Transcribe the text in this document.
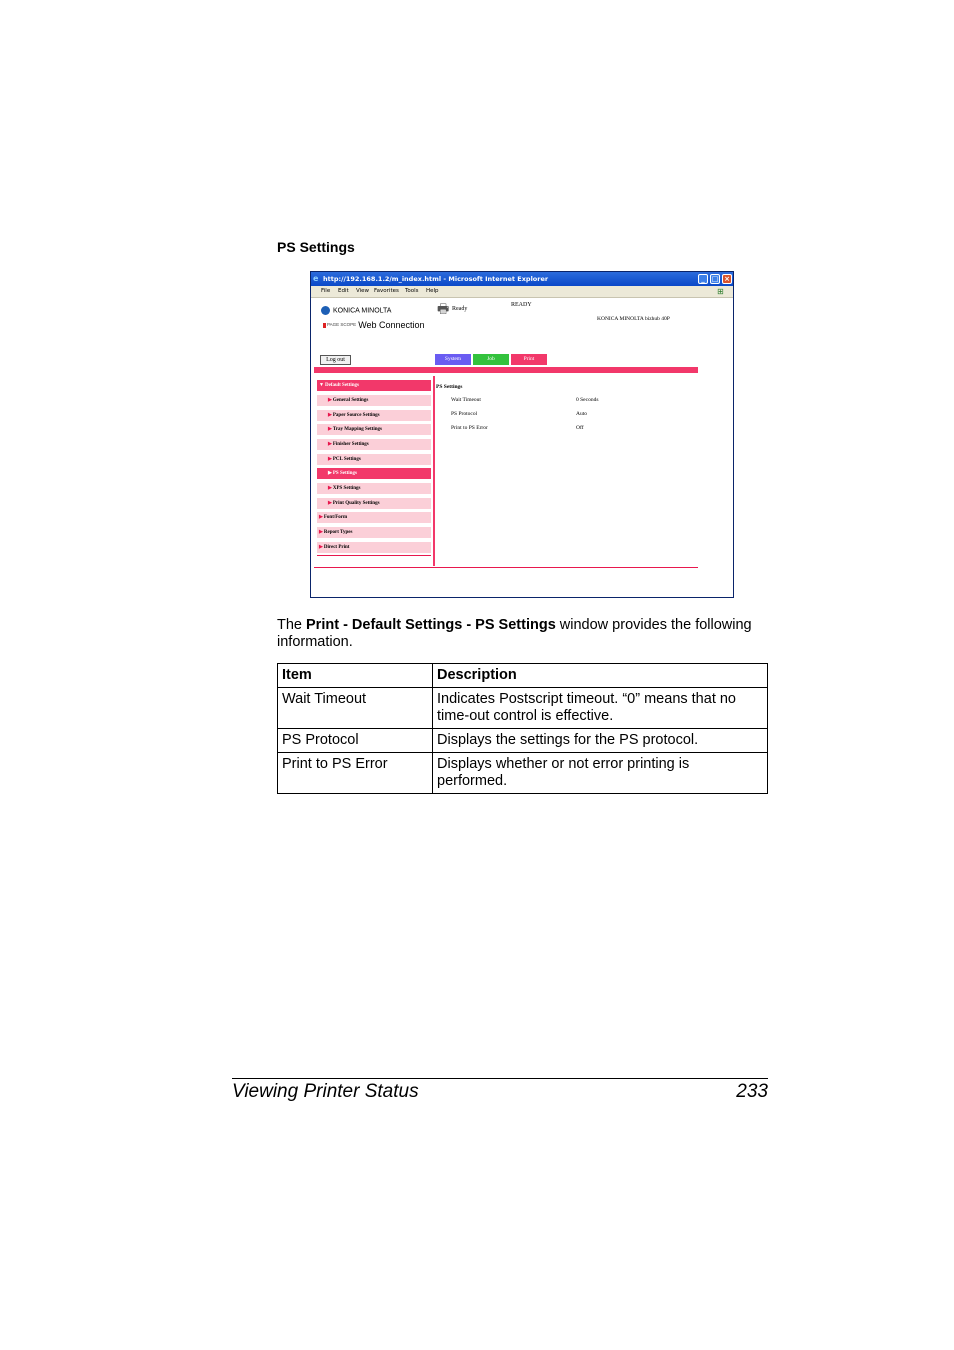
PS Settings
e http://192.168.1.2/m_index.html - Microsoft Internet Explorer	_ □ ×
File Edit View Favorites Tools Help	⊞
KONICA MINOLTA
PAGE SCOPE Web Connection
🖶 Ready
READY
KONICA MINOLTA bizhub 40P
Log out	System	Job	Print
▼Default Settings
▶General Settings
▶Paper Source Settings
▶Tray Mapping Settings
▶Finisher Settings
▶PCL Settings
▶PS Settings
▶XPS Settings
▶Print Quality Settings
▶Font/Form
▶Report Types
▶Direct Print
PS Settings
Wait Timeout	0 Seconds
PS Protocol	Auto
Print to PS Error	Off
The Print - Default Settings - PS Settings window provides the following information.
Item	Description
Wait Timeout	Indicates Postscript timeout. “0” means that no time-out control is effective.
PS Protocol	Displays the settings for the PS protocol.
Print to PS Error	Displays whether or not error printing is performed.
Viewing Printer Status	233
